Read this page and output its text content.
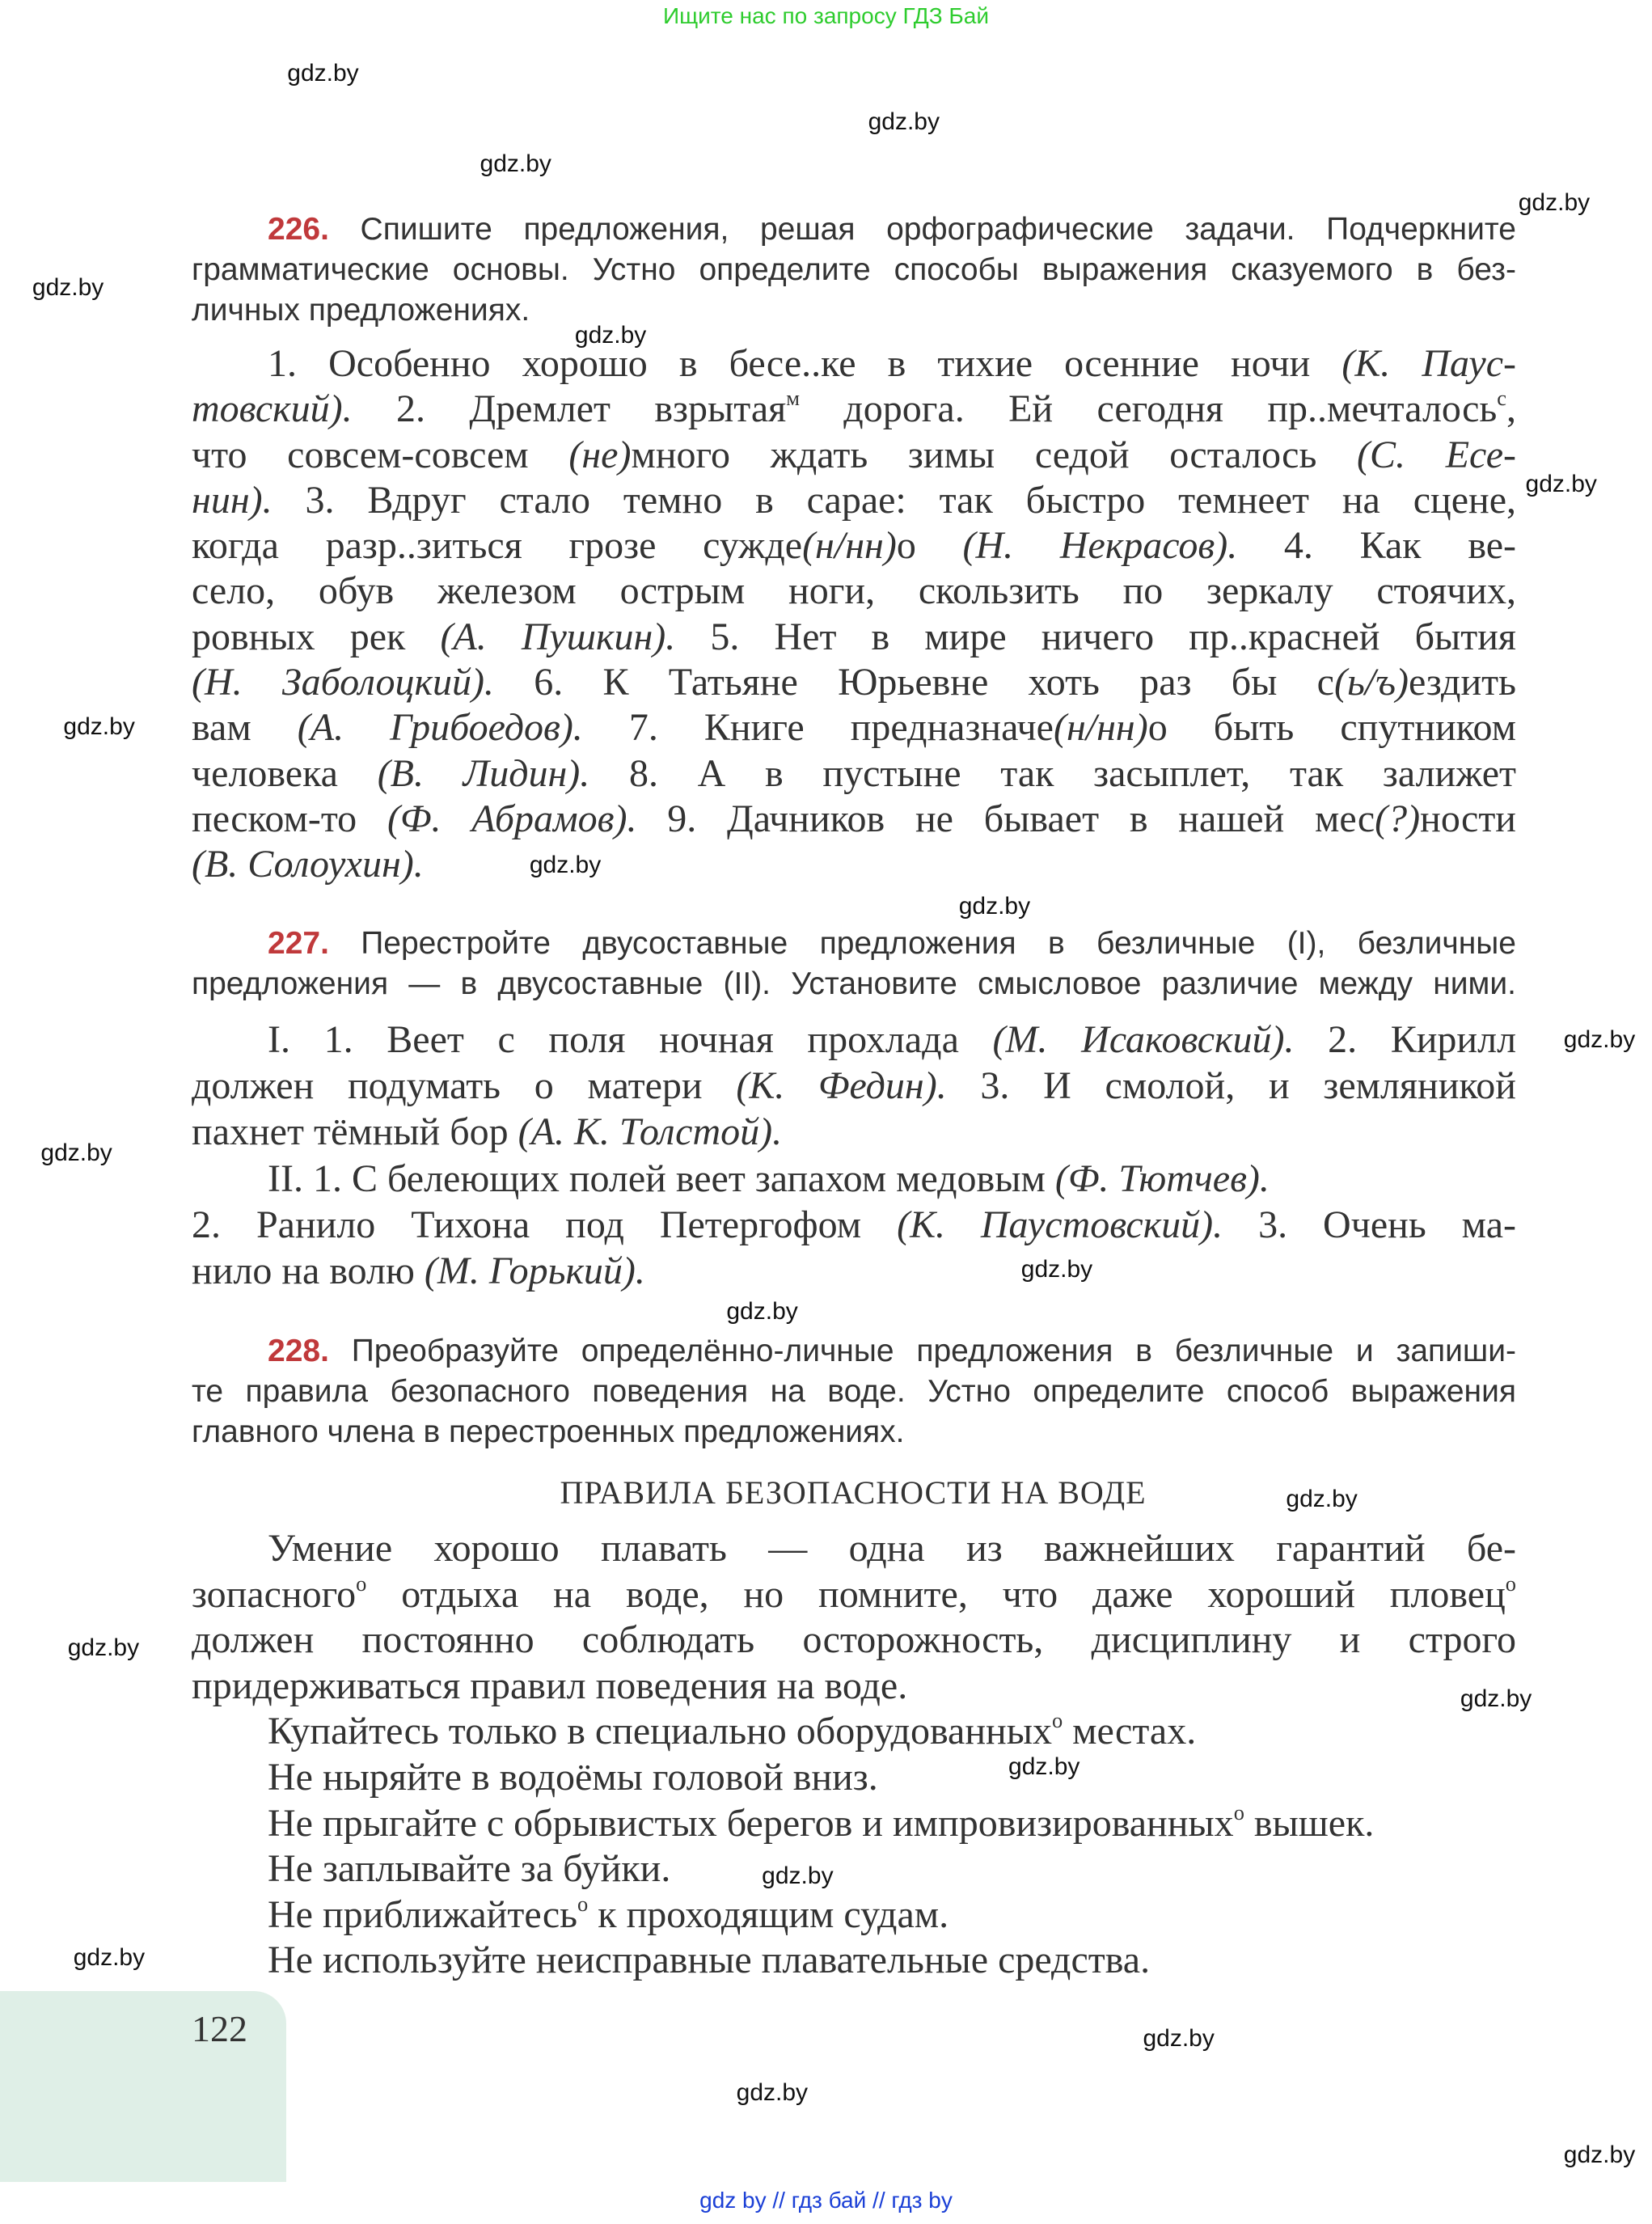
Ищите нас по запросу ГДЗ Бай
gdz.by
gdz.by
gdz.by
gdz.by
gdz.by
gdz.by
gdz.by
gdz.by
gdz.by
gdz.by
gdz.by
gdz.by
gdz.by
gdz.by
gdz.by
gdz.by
gdz.by
gdz.by
gdz.by
gdz.by
gdz.by
gdz.by
gdz.by
226. Спишите предложения, решая орфографические задачи. Подчеркните
грамматические основы. Устно определите способы выражения сказуемого в без-
личных предложениях.
1. Особенно хорошо в бесе..ке в тихие осенние ночи (К. Паус-
товский). 2. Дремлет взрытая$^м$ дорога. Ей сегодня пр..мечталось$^с$,
что совсем-совсем (не)много ждать зимы седой осталось (С. Есе-
нин). 3. Вдруг стало темно в сарае: так быстро темнеет на сцене,
когда разр..зиться грозе сужде(н/нн)о (Н. Некрасов). 4. Как ве-
село, обув железом острым ноги, скользить по зеркалу стоячих,
ровных рек (А. Пушкин). 5. Нет в мире ничего пр..красней бытия
(Н. Заболоцкий). 6. К Татьяне Юрьевне хоть раз бы с(ь/ъ)ездить
вам (А. Грибоедов). 7. Книге предназначе(н/нн)о быть спутником
человека (В. Лидин). 8. А в пустыне так засыплет, так залижет
песком-то (Ф. Абрамов). 9. Дачников не бывает в нашей мес(?)ности
(В. Солоухин).
227. Перестройте двусоставные предложения в безличные (I), безличные
предложения — в двусоставные (II). Установите смысловое различие между ними.
I. 1. Веет с поля ночная прохлада (М. Исаковский). 2. Кирилл
должен подумать о матери (К. Федин). 3. И смолой, и земляникой
пахнет тёмный бор (А. К. Толстой).
II. 1. С белеющих полей веет запахом медовым (Ф. Тютчев).
2. Ранило Тихона под Петергофом (К. Паустовский). 3. Очень ма-
нило на волю (М. Горький).
228. Преобразуйте определённо-личные предложения в безличные и запиши-
те правила безопасного поведения на воде. Устно определите способ выражения
главного члена в перестроенных предложениях.
ПРАВИЛА БЕЗОПАСНОСТИ НА ВОДЕ
Умение хорошо плавать — одна из важнейших гарантий бе-
зопасного$^о$ отдыха на воде, но помните, что даже хороший пловец$^о$
должен постоянно соблюдать осторожность, дисциплину и строго
придерживаться правил поведения на воде.
Купайтесь только в специально оборудованных$^о$ местах.
Не ныряйте в водоёмы головой вниз.
Не прыгайте с обрывистых берегов и импровизированных$^о$ вышек.
Не заплывайте за буйки.
Не приближайтесь$^о$ к проходящим судам.
Не используйте неисправные плавательные средства.
122
gdz by // гдз бай // гдз by
